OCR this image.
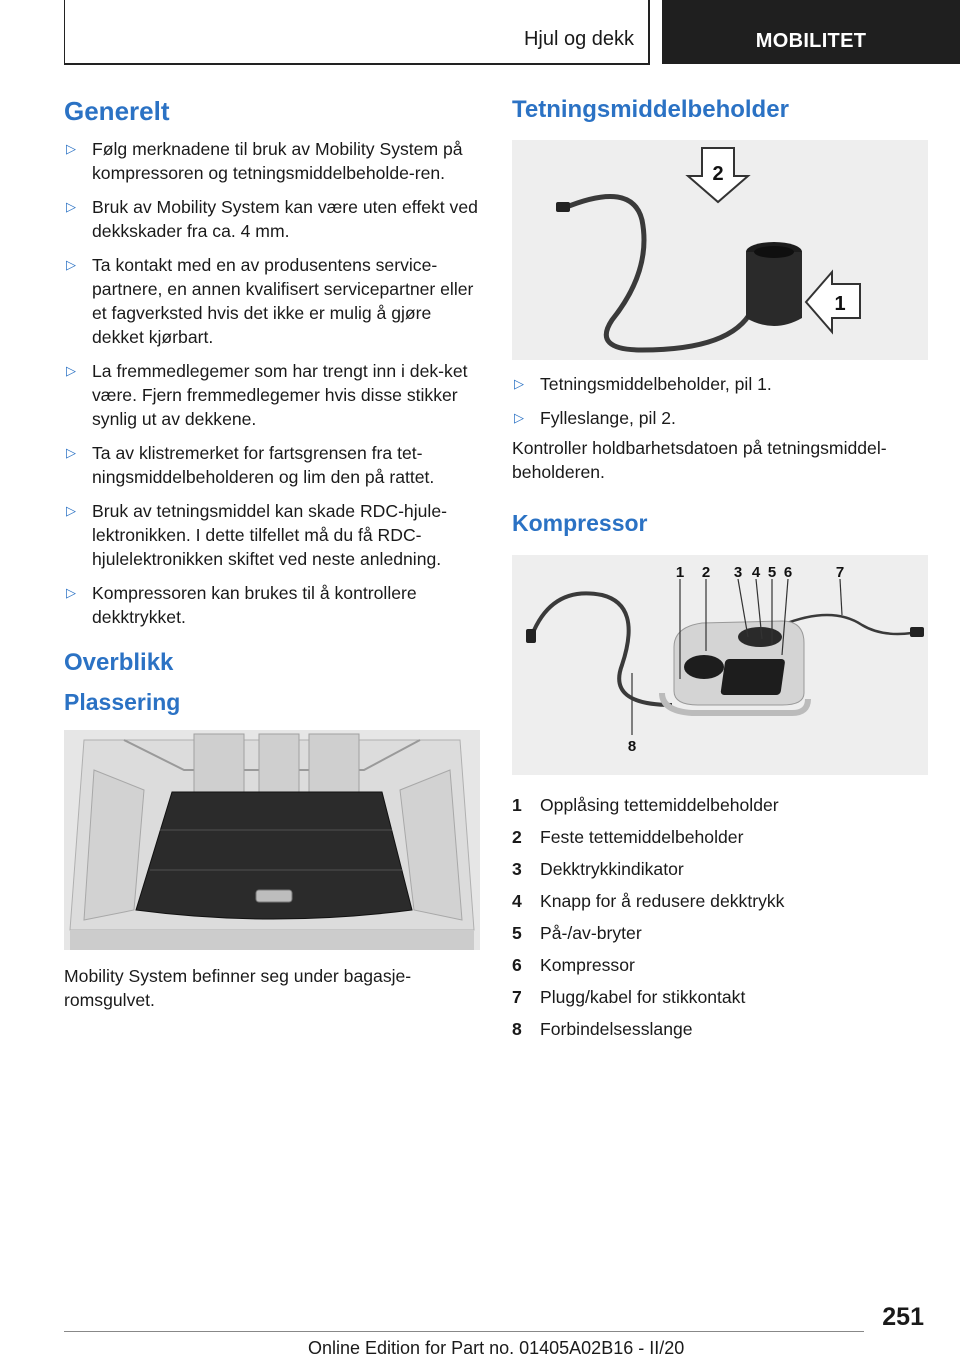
Hjul og dekk	MOBILITET
Generelt
▷ Følg merknadene til bruk av Mobility System på kompressoren og tetningsmiddelbeholde-ren.
▷ Bruk av Mobility System kan være uten effekt ved dekkskader fra ca. 4 mm.
▷ Ta kontakt med en av produsentens service-partnere, en annen kvalifisert servicepartner eller et fagverksted hvis det ikke er mulig å gjøre dekket kjørbart.
▷ La fremmedlegemer som har trengt inn i dek-ket være. Fjern fremmedlegemer hvis disse stikker synlig ut av dekkene.
▷ Ta av klistremerket for fartsgrensen fra tet-ningsmiddelbeholderen og lim den på rattet.
▷ Bruk av tetningsmiddel kan skade RDC-hjule-lektronikken. I dette tilfellet må du få RDC-hjulelektronikken skiftet ved neste anledning.
▷ Kompressoren kan brukes til å kontrollere dekktrykket.
Overblikk
Plassering

Mobility System befinner seg under bagasje-romsgulvet.

Tetningsmiddelbeholder
2
1
▷ Tetningsmiddelbeholder, pil 1.
▷ Fylleslange, pil 2.

Kontroller holdbarhetsdatoen på tetningsmiddel-beholderen.

Kompressor
1 2 3 4 5 6	7
8
1	Opplåsing tettemiddelbeholder
2	Feste tettemiddelbeholder
3	Dekktrykkindikator
4	Knapp for å redusere dekktrykk
5	På-/av-bryter
6	Kompressor
7	Plugg/kabel for stikkontakt
8	Forbindelsesslange
251
Online Edition for Part no. 01405A02B16 - II/20
